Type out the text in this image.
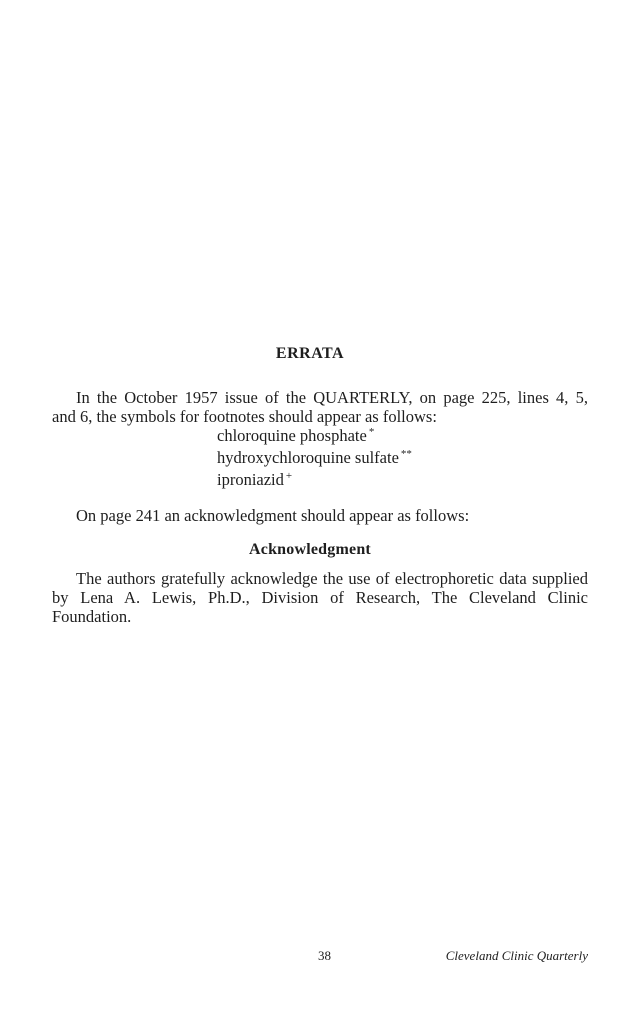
ERRATA
In the October 1957 issue of the QUARTERLY, on page 225, lines 4, 5,
and 6, the symbols for footnotes should appear as follows:
chloroquine phosphate *
hydroxychloroquine sulfate **
iproniazid +
On page 241 an acknowledgment should appear as follows:
Acknowledgment
The authors gratefully acknowledge the use of electrophoretic data supplied
by Lena A. Lewis, Ph.D., Division of Research, The Cleveland Clinic
Foundation.
38	Cleveland Clinic Quarterly
